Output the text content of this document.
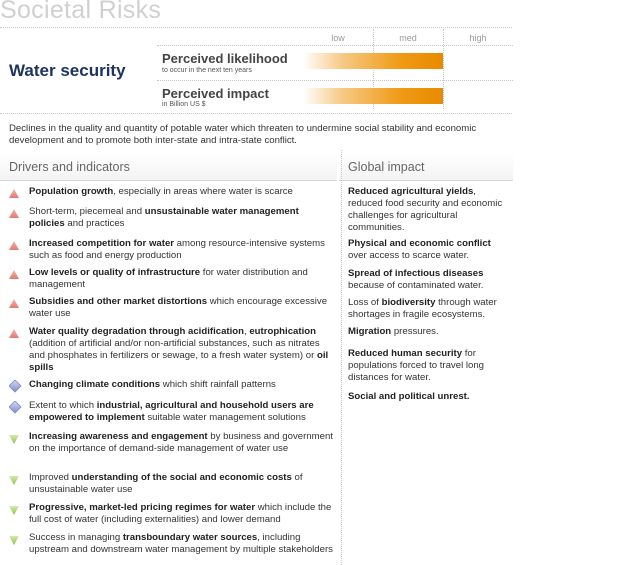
Societal Risks
Water security
low	med	high
Perceived likelihood
to occur in the next ten years
Perceived impact
in Billion US $
Declines in the quality and quantity of potable water which threaten to undermine social stability and economic development and to promote both inter-state and intra-state conflict.
Drivers and indicators	Global impact
Population growth, especially in areas where water is scarce
Short-term, piecemeal and unsustainable water management policies and practices
Increased competition for water among resource-intensive systems such as food and energy production
Low levels or quality of infrastructure for water distribution and management
Subsidies and other market distortions which encourage excessive water use
Water quality degradation through acidification, eutrophication (addition of artificial and/or non-artificial substances, such as nitrates and phosphates in fertilizers or sewage, to a fresh water system) or oil spills
Changing climate conditions which shift rainfall patterns
Extent to which industrial, agricultural and household users are empowered to implement suitable water management solutions
Increasing awareness and engagement by business and government on the importance of demand-side management of water use
Improved understanding of the social and economic costs of unsustainable water use
Progressive, market-led pricing regimes for water which include the full cost of water (including externalities) and lower demand
Success in managing transboundary water sources, including upstream and downstream water management by multiple stakeholders
Reduced agricultural yields, reduced food security and economic challenges for agricultural communities.
Physical and economic conflict over access to scarce water.
Spread of infectious diseases because of contaminated water.
Loss of biodiversity through water shortages in fragile ecosystems.
Migration pressures.
Reduced human security for populations forced to travel long distances for water.
Social and political unrest.
